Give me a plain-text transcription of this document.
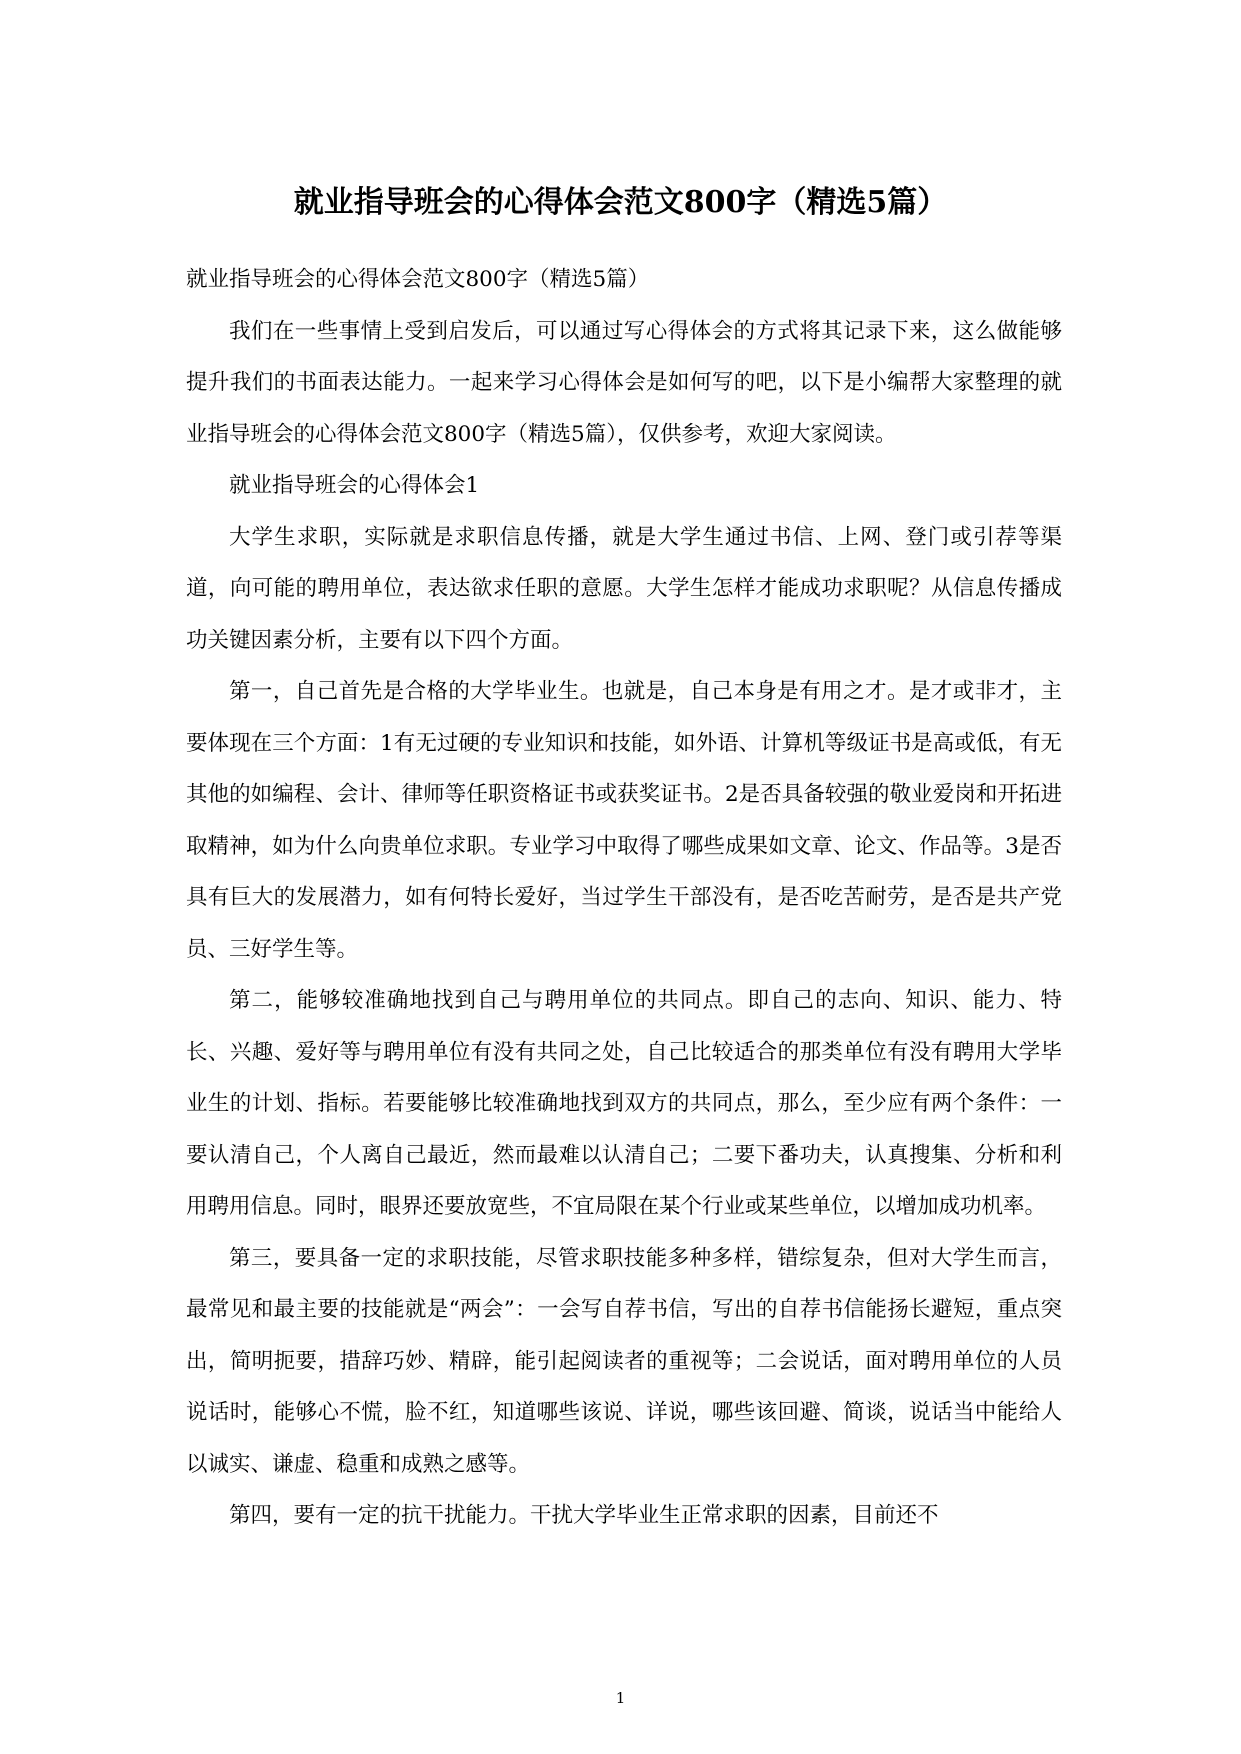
就业指导班会的心得体会范文800字（精选5篇）

就业指导班会的心得体会范文800字（精选5篇）

我们在一些事情上受到启发后，可以通过写心得体会的方式将其记录下来，这么做能够提升我们的书面表达能力。一起来学习心得体会是如何写的吧，以下是小编帮大家整理的就业指导班会的心得体会范文800字（精选5篇），仅供参考，欢迎大家阅读。

就业指导班会的心得体会1

大学生求职，实际就是求职信息传播，就是大学生通过书信、上网、登门或引荐等渠道，向可能的聘用单位，表达欲求任职的意愿。大学生怎样才能成功求职呢？从信息传播成功关键因素分析，主要有以下四个方面。

第一，自己首先是合格的大学毕业生。也就是，自己本身是有用之才。是才或非才，主要体现在三个方面：1有无过硬的专业知识和技能，如外语、计算机等级证书是高或低，有无其他的如编程、会计、律师等任职资格证书或获奖证书。2是否具备较强的敬业爱岗和开拓进取精神，如为什么向贵单位求职。专业学习中取得了哪些成果如文章、论文、作品等。3是否具有巨大的发展潜力，如有何特长爱好，当过学生干部没有，是否吃苦耐劳，是否是共产党员、三好学生等。

第二，能够较准确地找到自己与聘用单位的共同点。即自己的志向、知识、能力、特长、兴趣、爱好等与聘用单位有没有共同之处，自己比较适合的那类单位有没有聘用大学毕业生的计划、指标。若要能够比较准确地找到双方的共同点，那么，至少应有两个条件：一要认清自己，个人离自己最近，然而最难以认清自己；二要下番功夫，认真搜集、分析和利用聘用信息。同时，眼界还要放宽些，不宜局限在某个行业或某些单位，以增加成功机率。

第三，要具备一定的求职技能，尽管求职技能多种多样，错综复杂，但对大学生而言，最常见和最主要的技能就是“两会”：一会写自荐书信，写出的自荐书信能扬长避短，重点突出，简明扼要，措辞巧妙、精辟，能引起阅读者的重视等；二会说话，面对聘用单位的人员说话时，能够心不慌，脸不红，知道哪些该说、详说，哪些该回避、简谈，说话当中能给人以诚实、谦虚、稳重和成熟之感等。

第四，要有一定的抗干扰能力。干扰大学毕业生正常求职的因素，目前还不

1
